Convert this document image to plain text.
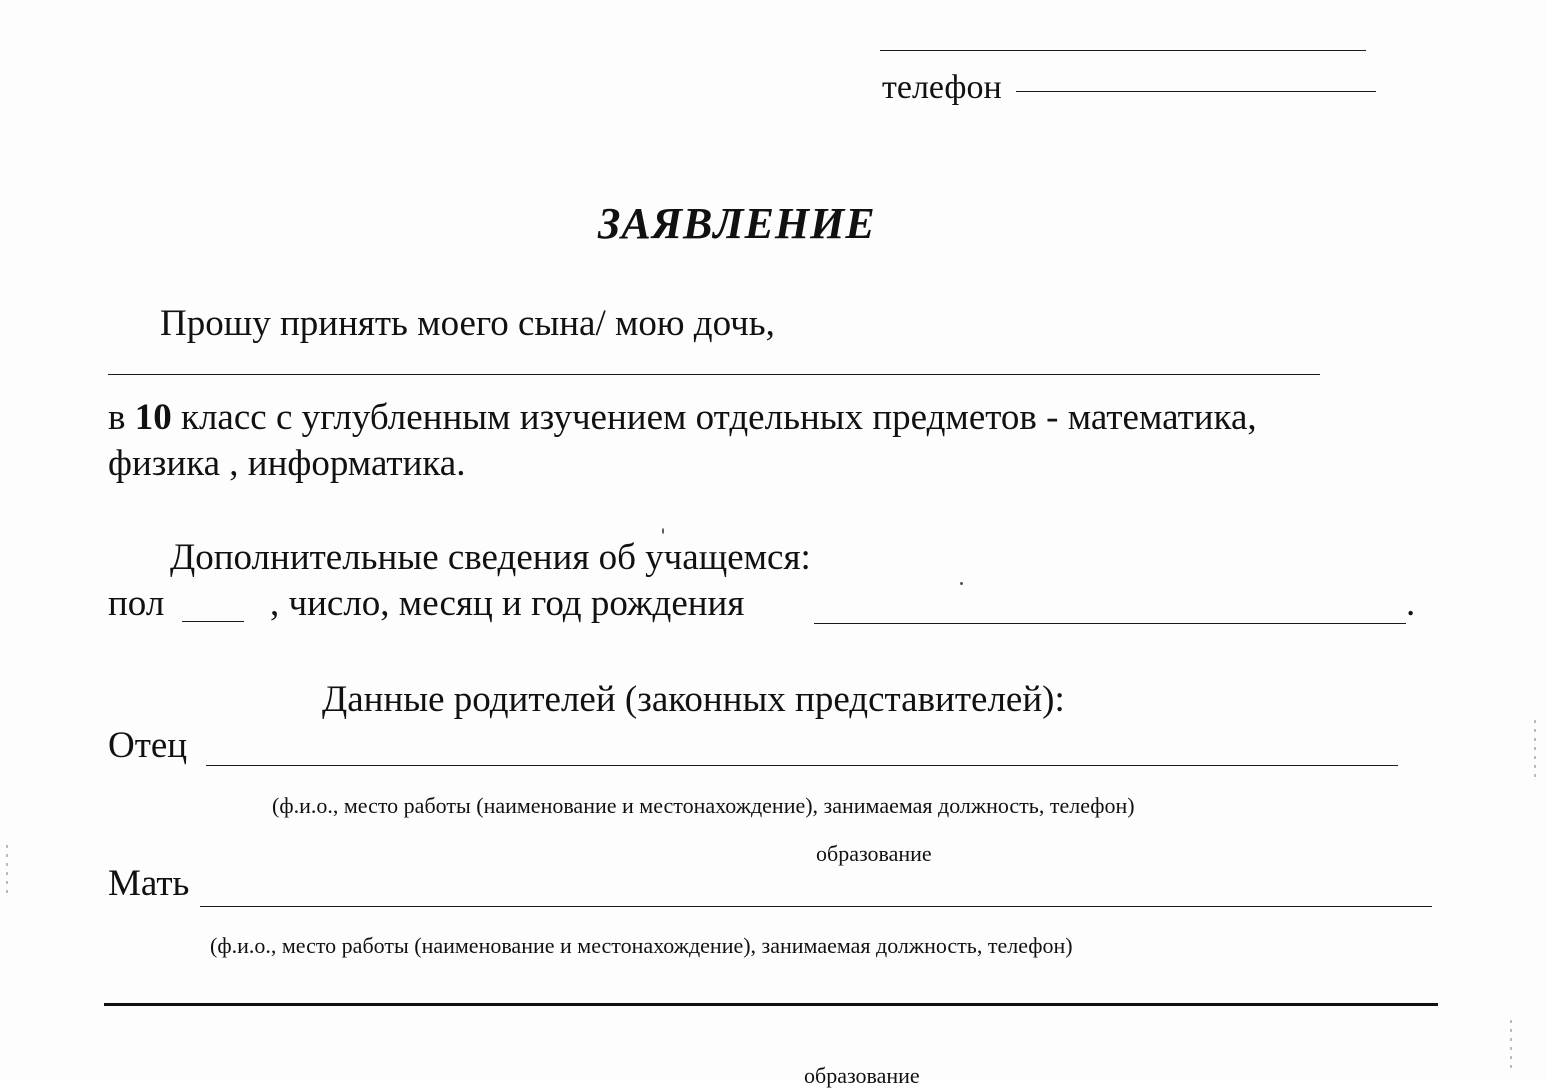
телефон
ЗАЯВЛЕНИЕ
Прошу принять моего сына/ мою дочь,
в 10 класс с углубленным изучением отдельных предметов - математика,
физика , информатика.
Дополнительные сведения об учащемся:
пол	, число, месяц и год рождения	.
Данные родителей (законных представителей):
Отец
(ф.и.о., место работы (наименование и местонахождение), занимаемая должность, телефон)
образование
Мать
(ф.и.о., место работы (наименование и местонахождение), занимаемая должность, телефон)
образование
